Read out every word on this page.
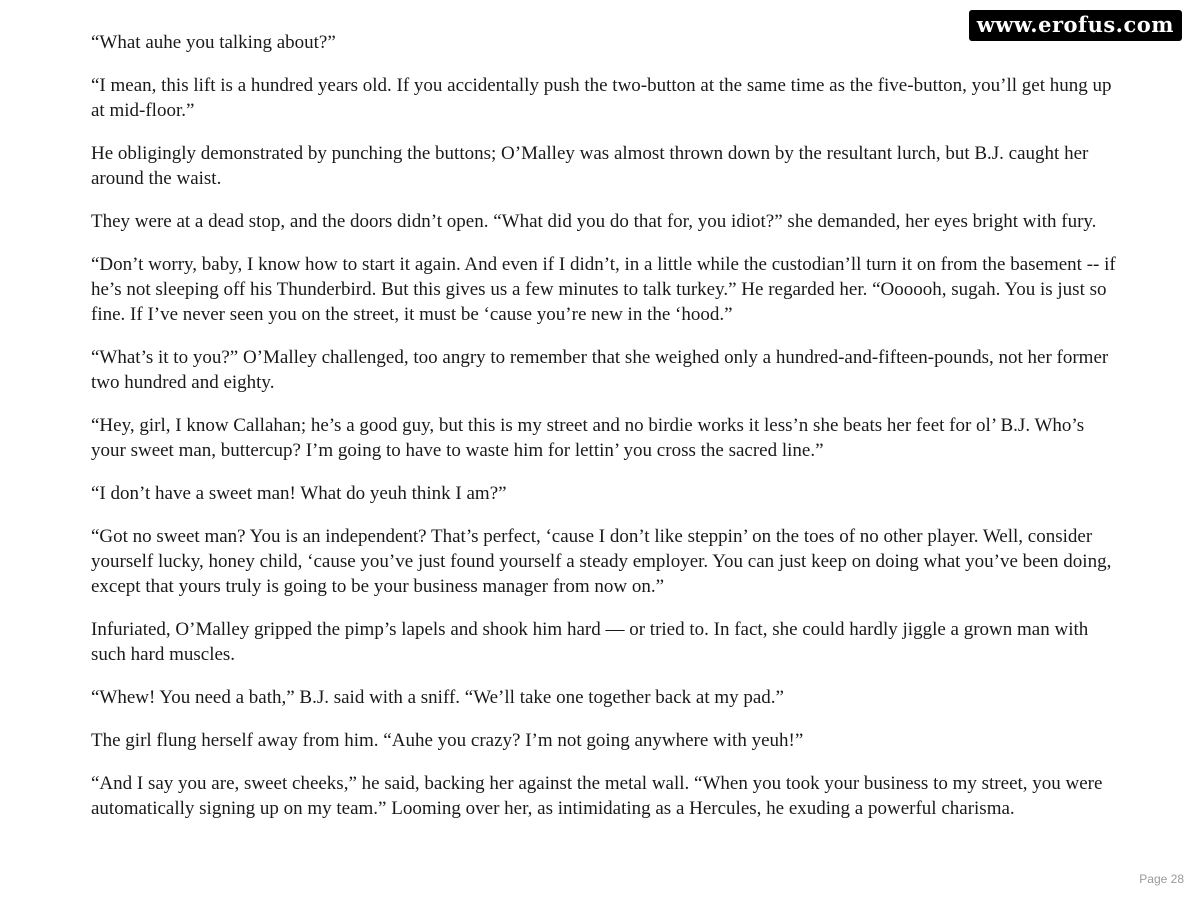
www.erofus.com

“What auhe you talking about?”

“I mean, this lift is a hundred years old. If you accidentally push the two-button at the same time as the five-button, you’ll get hung up at mid-floor.”

He obligingly demonstrated by punching the buttons; O’Malley was almost thrown down by the resultant lurch, but B.J. caught her around the waist.

They were at a dead stop, and the doors didn’t open. “What did you do that for, you idiot?” she demanded, her eyes bright with fury.

“Don’t worry, baby, I know how to start it again. And even if I didn’t, in a little while the custodian’ll turn it on from the basement -- if he’s not sleeping off his Thunderbird. But this gives us a few minutes to talk turkey.” He regarded her. “Oooooh, sugah. You is just so fine. If I’ve never seen you on the street, it must be ‘cause you’re new in the ‘hood.”

“What’s it to you?” O’Malley challenged, too angry to remember that she weighed only a hundred-and-fifteen-pounds, not her former two hundred and eighty.

“Hey, girl, I know Callahan; he’s a good guy, but this is my street and no birdie works it less’n she beats her feet for ol’ B.J. Who’s your sweet man, buttercup? I’m going to have to waste him for lettin’ you cross the sacred line.”

“I don’t have a sweet man! What do yeuh think I am?”

“Got no sweet man? You is an independent? That’s perfect, ‘cause I don’t like steppin’ on the toes of no other player. Well, consider yourself lucky, honey child, ‘cause you’ve just found yourself a steady employer. You can just keep on doing what you’ve been doing, except that yours truly is going to be your business manager from now on.”

Infuriated, O’Malley gripped the pimp’s lapels and shook him hard — or tried to. In fact, she could hardly jiggle a grown man with such hard muscles.

“Whew! You need a bath,” B.J. said with a sniff. “We’ll take one together back at my pad.”

The girl flung herself away from him. “Auhe you crazy? I’m not going anywhere with yeuh!”

“And I say you are, sweet cheeks,” he said, backing her against the metal wall. “When you took your business to my street, you were automatically signing up on my team.” Looming over her, as intimidating as a Hercules, he exuding a powerful charisma.

Page 28
